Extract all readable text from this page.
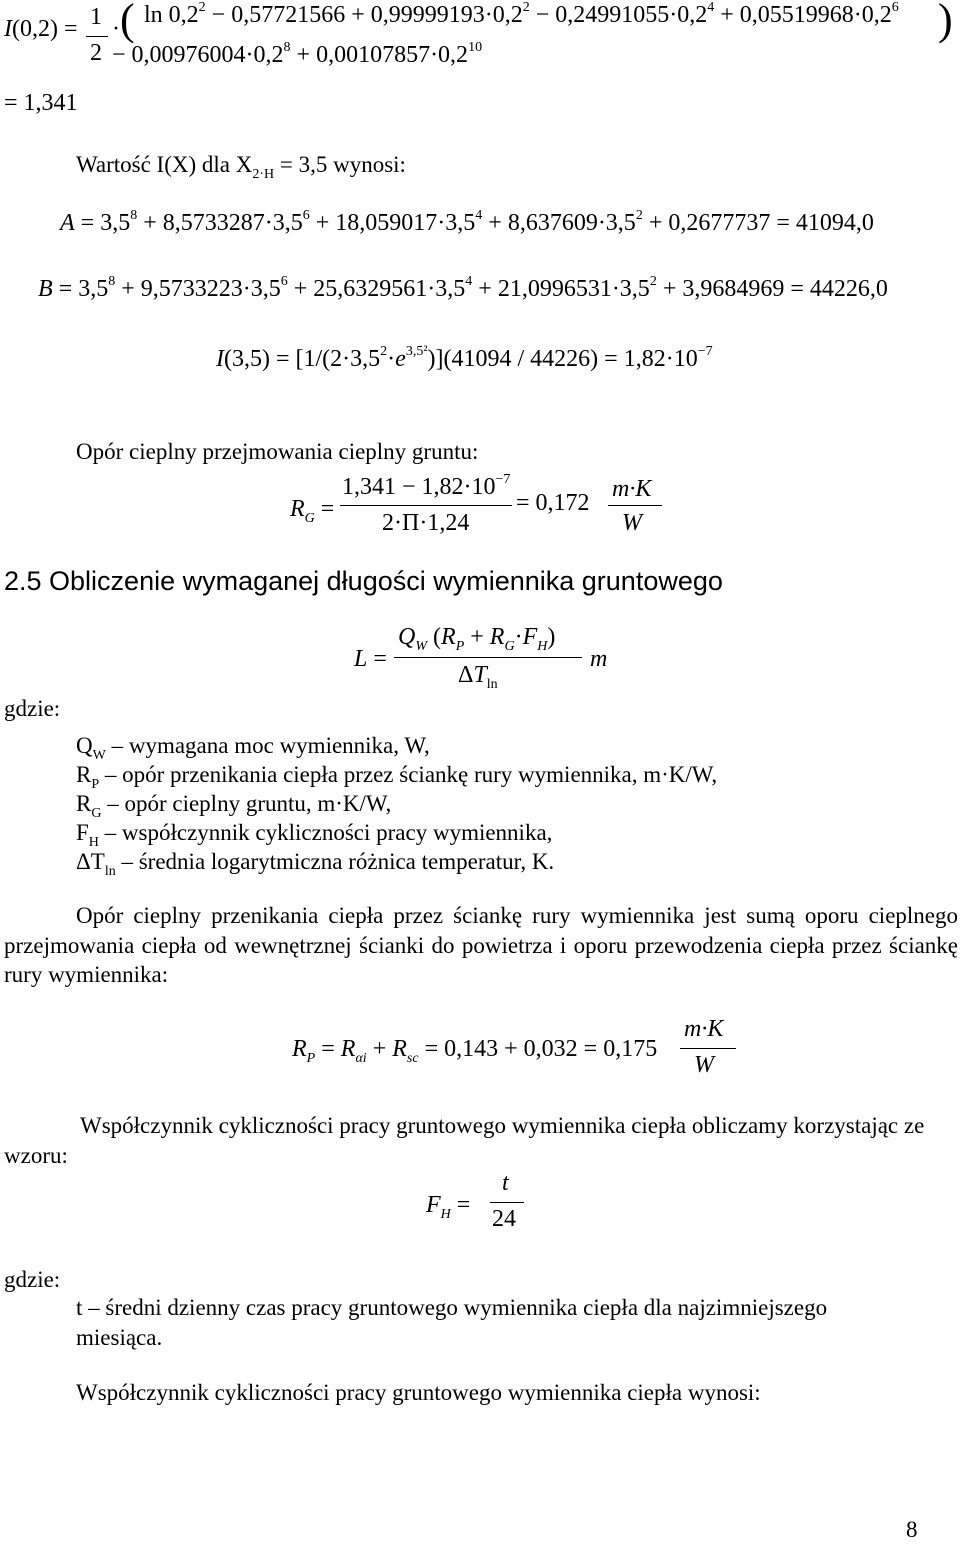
I(0,2) = 1
2
· (	)
$\ln 0,2^2 - 0,57721566 + 0,99999193\cdot 0,2^2 - 0,24991055\cdot 0,2^4 + 0,05519968\cdot 0,2^6$
− $0,00976004\cdot 0,2^8 + 0,00107857\cdot 0,2^{10}$
= 1,341
Wartość I(X) dla $X_{2\cdot H} = 3,5$ wynosi:
$A = 3,5^8 + 8,5733287\cdot 3,5^6 + 18,059017\cdot 3,5^4 + 8,637609\cdot 3,5^2 + 0,2677737 = 41094,0$
$B = 3,5^8 + 9,5733223\cdot 3,5^6 + 25,6329561\cdot 3,5^4 + 21,0996531\cdot 3,5^2 + 3,9684969 = 44226,0$
$I(3,5) = [1/(2\cdot 3,5^2\cdot e^{3,5^2})](41094 / 44226) = 1,82\cdot 10^{-7}$
Opór cieplny przejmowania cieplny gruntu:
$R_G$ =
$1,341 - 1,82\cdot 10^{-7}$
2·Π·1,24
= 0,172
m·K
W
2.5 Obliczenie wymaganej długości wymiennika gruntowego
L =
$Q_W$ $(R_P + R_G\cdot F_H)$
$\Delta T_{ln}$
m
gdzie:
$Q_W$ – wymagana moc wymiennika, W,
$R_P$ – opór przenikania ciepła przez ściankę rury wymiennika, m·K/W,
$R_G$ – opór cieplny gruntu, m·K/W,
$F_H$ – współczynnik cykliczności pracy wymiennika,
$\Delta T_{ln}$ – średnia logarytmiczna różnica temperatur, K.
Opór cieplny przenikania ciepła przez ściankę rury wymiennika jest sumą oporu cieplnego przejmowania ciepła od wewnętrznej ścianki do powietrza i oporu przewodzenia ciepła przez ściankę rury wymiennika:
$R_P = R_{\alpha i} + R_{sc} = 0,143 + 0,032 = 0,175$
m·K
W
Współczynnik cykliczności pracy gruntowego wymiennika ciepła obliczamy korzystając ze wzoru:
$F_H$ =
t
24
gdzie:
t – średni dzienny czas pracy gruntowego wymiennika ciepła dla najzimniejszego miesiąca.
Współczynnik cykliczności pracy gruntowego wymiennika ciepła wynosi:
8
